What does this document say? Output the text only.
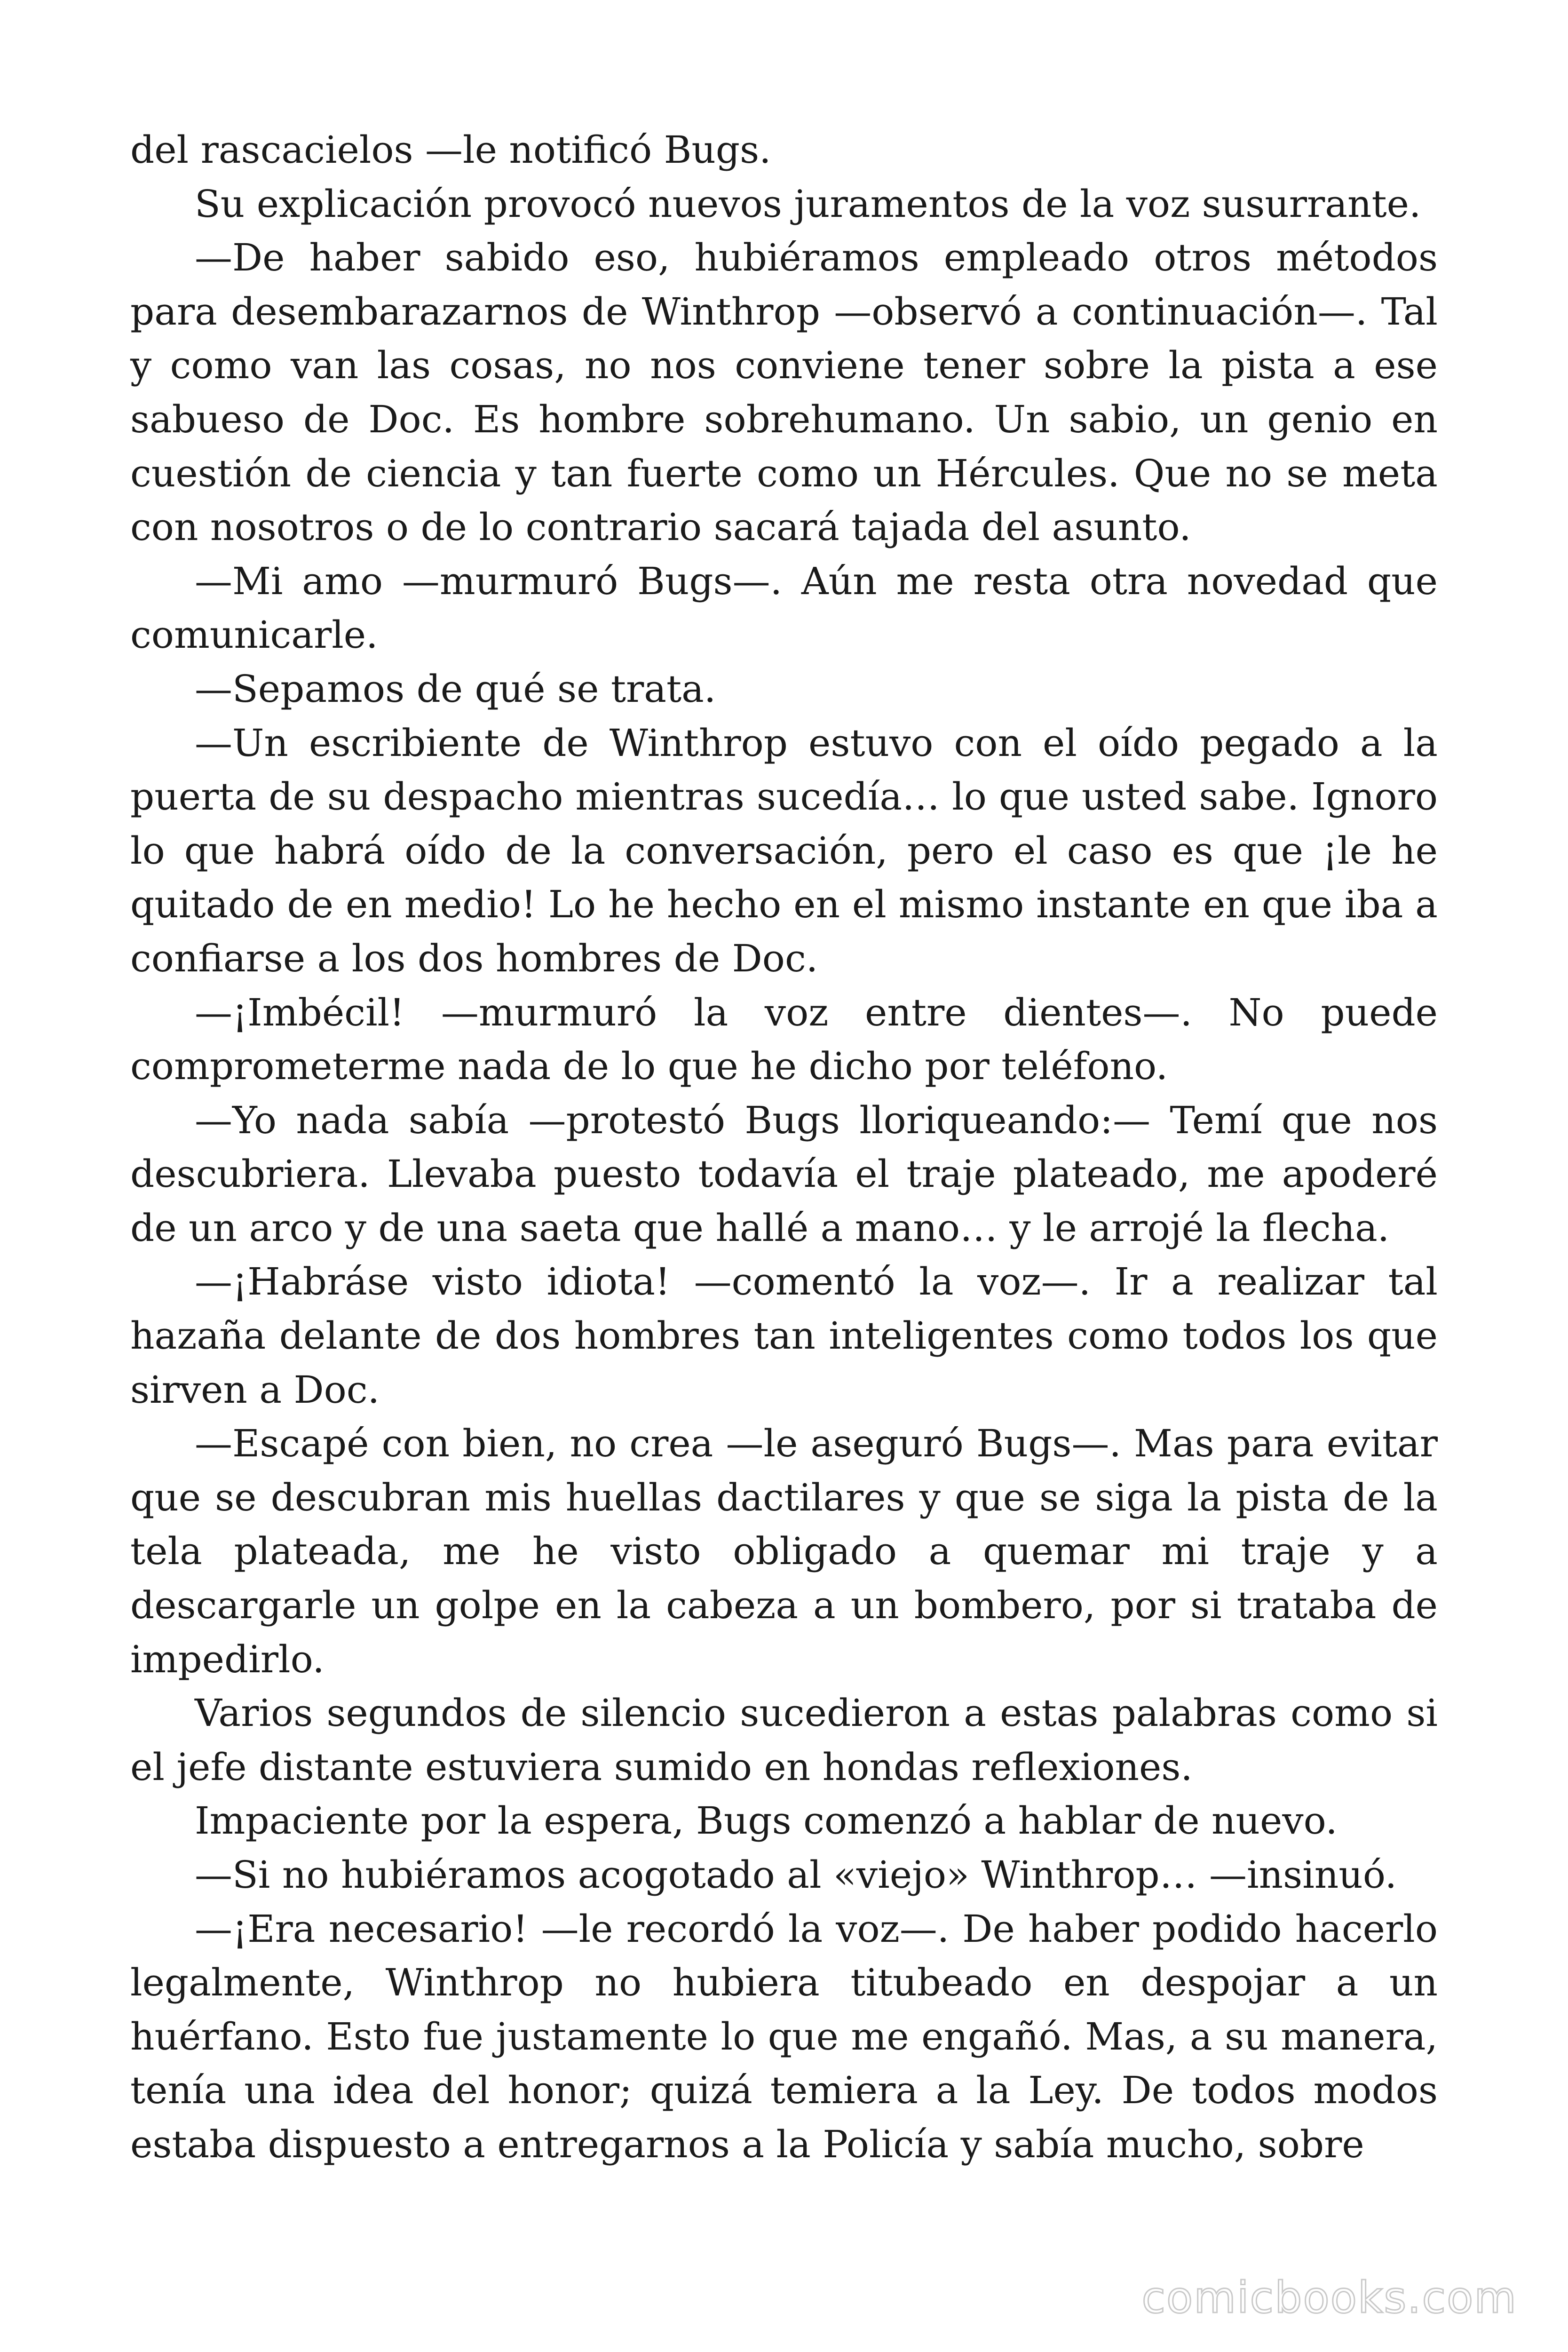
del rascacielos —le notificó Bugs.

Su explicación provocó nuevos juramentos de la voz susurrante.

—De haber sabido eso, hubiéramos empleado otros métodos para desembarazarnos de Winthrop —observó a continuación—. Tal y como van las cosas, no nos conviene tener sobre la pista a ese sabueso de Doc. Es hombre sobrehumano. Un sabio, un genio en cuestión de ciencia y tan fuerte como un Hércules. Que no se meta con nosotros o de lo contrario sacará tajada del asunto.

—Mi amo —murmuró Bugs—. Aún me resta otra novedad que comunicarle.

—Sepamos de qué se trata.

—Un escribiente de Winthrop estuvo con el oído pegado a la puerta de su despacho mientras sucedía… lo que usted sabe. Ignoro lo que habrá oído de la conversación, pero el caso es que ¡le he quitado de en medio! Lo he hecho en el mismo instante en que iba a confiarse a los dos hombres de Doc.

—¡Imbécil! —murmuró la voz entre dientes—. No puede comprometerme nada de lo que he dicho por teléfono.

—Yo nada sabía —protestó Bugs lloriqueando:— Temí que nos descubriera. Llevaba puesto todavía el traje plateado, me apoderé de un arco y de una saeta que hallé a mano… y le arrojé la flecha.

—¡Habráse visto idiota! —comentó la voz—. Ir a realizar tal hazaña delante de dos hombres tan inteligentes como todos los que sirven a Doc.

—Escapé con bien, no crea —le aseguró Bugs—. Mas para evitar que se descubran mis huellas dactilares y que se siga la pista de la tela plateada, me he visto obligado a quemar mi traje y a descargarle un golpe en la cabeza a un bombero, por si trataba de impedirlo.

Varios segundos de silencio sucedieron a estas palabras como si el jefe distante estuviera sumido en hondas reflexiones.

Impaciente por la espera, Bugs comenzó a hablar de nuevo.

—Si no hubiéramos acogotado al «viejo» Winthrop… —insinuó.

—¡Era necesario! —le recordó la voz—. De haber podido hacerlo legalmente, Winthrop no hubiera titubeado en despojar a un huérfano. Esto fue justamente lo que me engañó. Mas, a su manera, tenía una idea del honor; quizá temiera a la Ley. De todos modos estaba dispuesto a entregarnos a la Policía y sabía mucho, sobre

comicbooks.com
